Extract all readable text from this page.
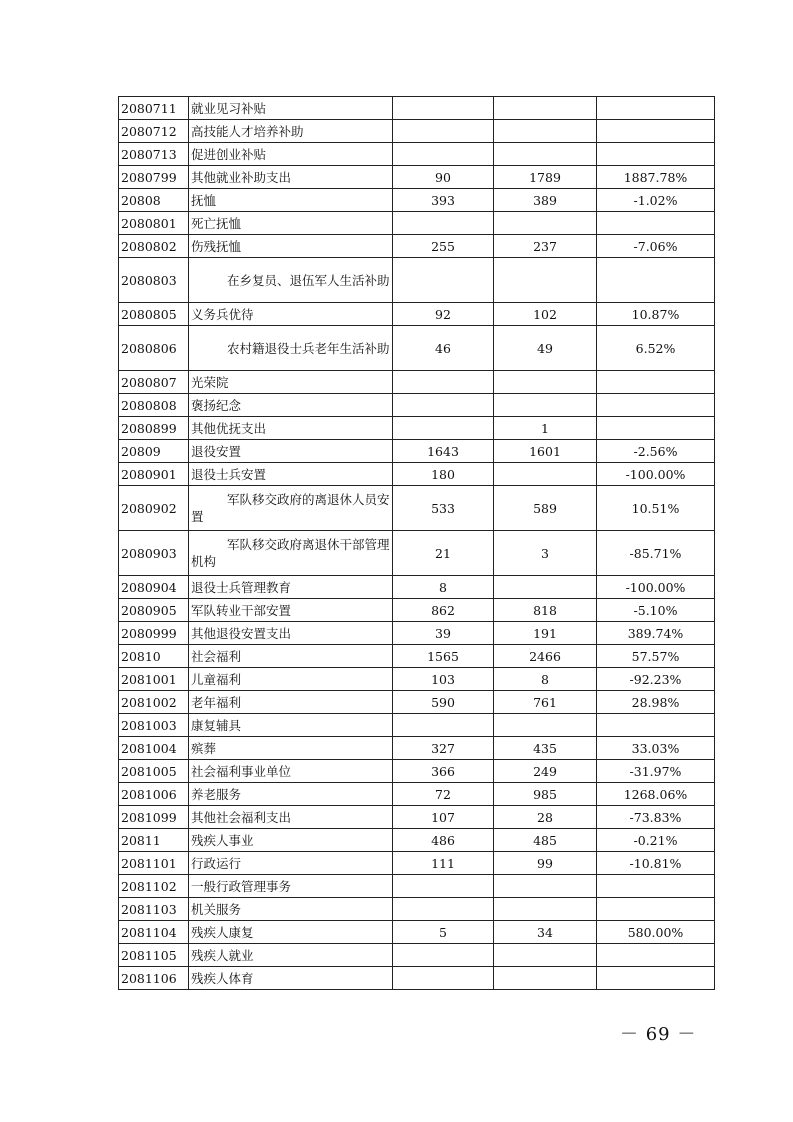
2080711	就业见习补贴			
2080712	高技能人才培养补助			
2080713	促进创业补贴			
2080799	其他就业补助支出	90	1789	1887.78%
20808	抚恤	393	389	-1.02%
2080801	死亡抚恤			
2080802	伤残抚恤	255	237	-7.06%
2080803	在乡复员、退伍军人生活补助			
2080805	义务兵优待	92	102	10.87%
2080806	农村籍退役士兵老年生活补助	46	49	6.52%
2080807	光荣院			
2080808	褒扬纪念			
2080899	其他优抚支出		1	
20809	退役安置	1643	1601	-2.56%
2080901	退役士兵安置	180		-100.00%
2080902	军队移交政府的离退休人员安置	533	589	10.51%
2080903	军队移交政府离退休干部管理机构	21	3	-85.71%
2080904	退役士兵管理教育	8		-100.00%
2080905	军队转业干部安置	862	818	-5.10%
2080999	其他退役安置支出	39	191	389.74%
20810	社会福利	1565	2466	57.57%
2081001	儿童福利	103	8	-92.23%
2081002	老年福利	590	761	28.98%
2081003	康复辅具			
2081004	殡葬	327	435	33.03%
2081005	社会福利事业单位	366	249	-31.97%
2081006	养老服务	72	985	1268.06%
2081099	其他社会福利支出	107	28	-73.83%
20811	残疾人事业	486	485	-0.21%
2081101	行政运行	111	99	-10.81%
2081102	一般行政管理事务			
2081103	机关服务			
2081104	残疾人康复	5	34	580.00%
2081105	残疾人就业			
2081106	残疾人体育			
－ 69 －
